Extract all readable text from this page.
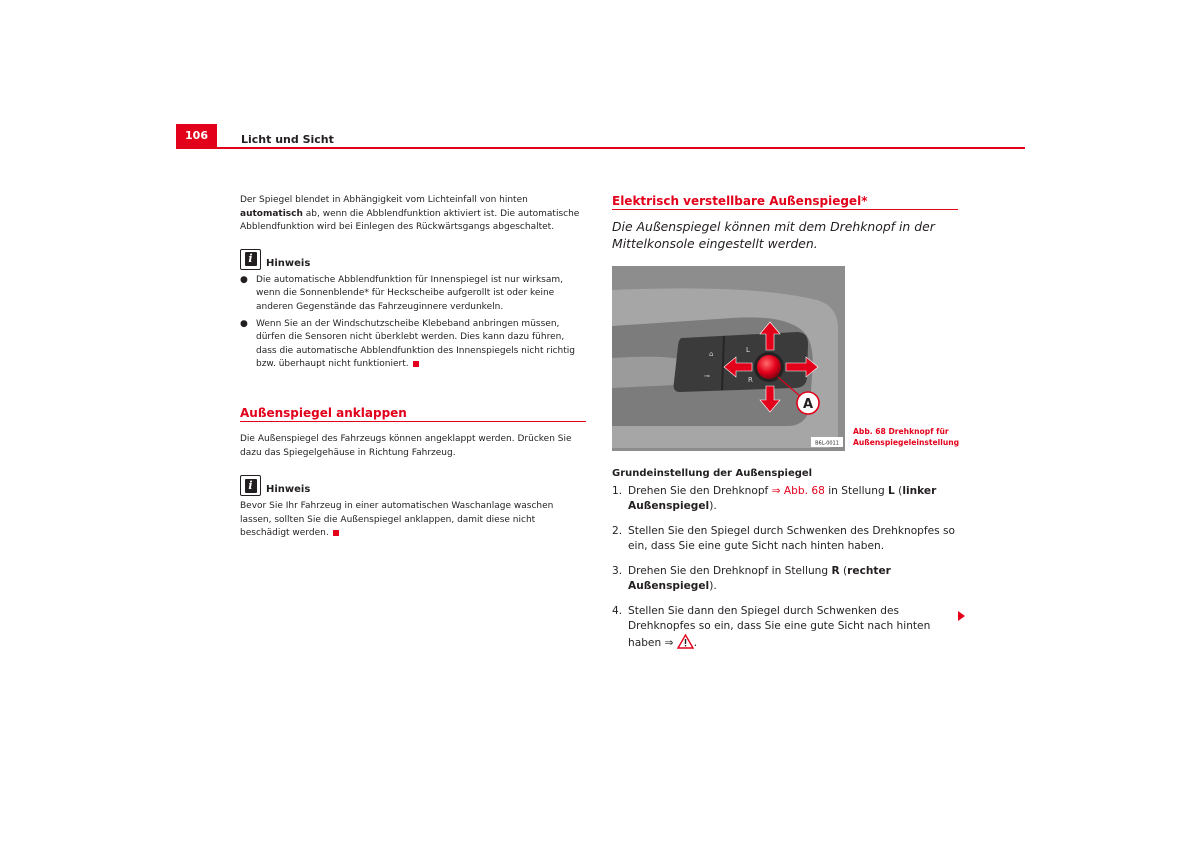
106	Licht und Sicht

Der Spiegel blendet in Abhängigkeit vom Lichteinfall von hinten automatisch ab, wenn die Abblendfunktion aktiviert ist. Die automatische Abblendfunktion wird bei Einlegen des Rückwärtsgangs abgeschaltet.

i	Hinweis
● Die automatische Abblendfunktion für Innenspiegel ist nur wirksam, wenn die Sonnenblende* für Heckscheibe aufgerollt ist oder keine anderen Gegenstände das Fahrzeuginnere verdunkeln.
● Wenn Sie an der Windschutzscheibe Klebeband anbringen müssen, dürfen die Sensoren nicht überklebt werden. Dies kann dazu führen, dass die automatische Abblendfunktion des Innenspiegels nicht richtig bzw. überhaupt nicht funktioniert.
Außenspiegel anklappen

Die Außenspiegel des Fahrzeugs können angeklappt werden. Drücken Sie dazu das Spiegelgehäuse in Richtung Fahrzeug.

i	Hinweis

Bevor Sie Ihr Fahrzeug in einer automatischen Waschanlage waschen lassen, sollten Sie die Außenspiegel anklappen, damit diese nicht beschädigt werden.

Elektrisch verstellbare Außenspiegel*

Die Außenspiegel können mit dem Drehknopf in der Mittelkonsole eingestellt werden.

⌂
⊸
L
R
A
B6L-0011
Abb. 68 Drehknopf für
Außenspiegeleinstellung
Grundeinstellung der Außenspiegel
1. Drehen Sie den Drehknopf ⇒ Abb. 68 in Stellung L (linker Außenspiegel).
2. Stellen Sie den Spiegel durch Schwenken des Drehknopfes so ein, dass Sie eine gute Sicht nach hinten haben.
3. Drehen Sie den Drehknopf in Stellung R (rechter Außenspiegel).
4. Stellen Sie dann den Spiegel durch Schwenken des Drehknopfes so ein, dass Sie eine gute Sicht nach hinten haben ⇒ .
